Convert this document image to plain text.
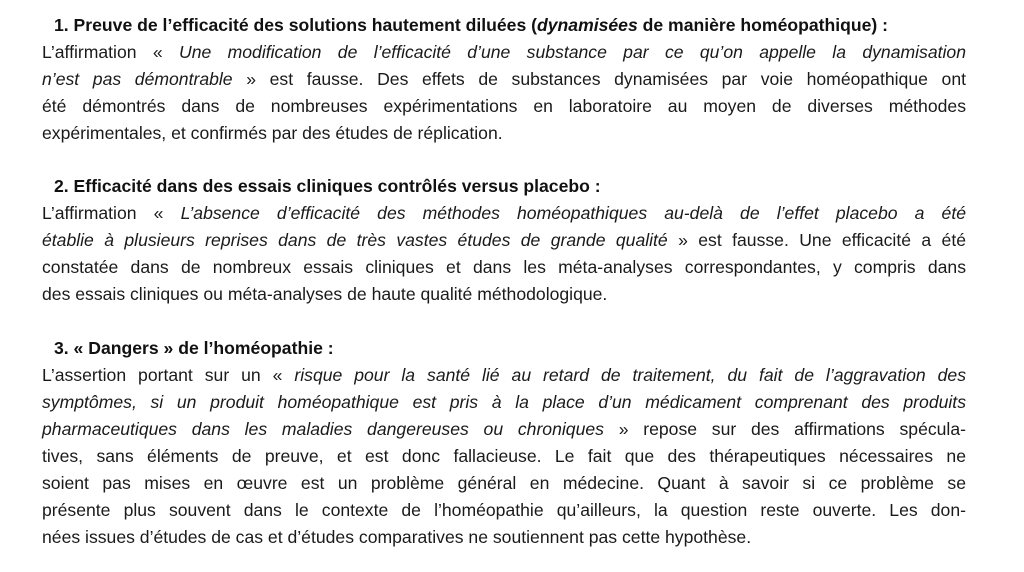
1. Preuve de l’efficacité des solutions hautement diluées (dynamisées de manière homéopathique) :
L’affirmation « Une modification de l’efficacité d’une substance par ce qu’on appelle la dynamisation
n’est pas démontrable » est fausse. Des effets de substances dynamisées par voie homéopathique ont
été démontrés dans de nombreuses expérimentations en laboratoire au moyen de diverses méthodes
expérimentales, et confirmés par des études de réplication.
2. Efficacité dans des essais cliniques contrôlés versus placebo :
L’affirmation « L’absence d’efficacité des méthodes homéopathiques au-delà de l’effet placebo a été
établie à plusieurs reprises dans de très vastes études de grande qualité » est fausse. Une efficacité a été
constatée dans de nombreux essais cliniques et dans les méta-analyses correspondantes, y compris dans
des essais cliniques ou méta-analyses de haute qualité méthodologique.
3. « Dangers » de l’homéopathie :
L’assertion portant sur un « risque pour la santé lié au retard de traitement, du fait de l’aggravation des
symptômes, si un produit homéopathique est pris à la place d’un médicament comprenant des produits
pharmaceutiques dans les maladies dangereuses ou chroniques » repose sur des affirmations spécula-
tives, sans éléments de preuve, et est donc fallacieuse. Le fait que des thérapeutiques nécessaires ne
soient pas mises en œuvre est un problème général en médecine. Quant à savoir si ce problème se
présente plus souvent dans le contexte de l’homéopathie qu’ailleurs, la question reste ouverte. Les don-
nées issues d’études de cas et d’études comparatives ne soutiennent pas cette hypothèse.
